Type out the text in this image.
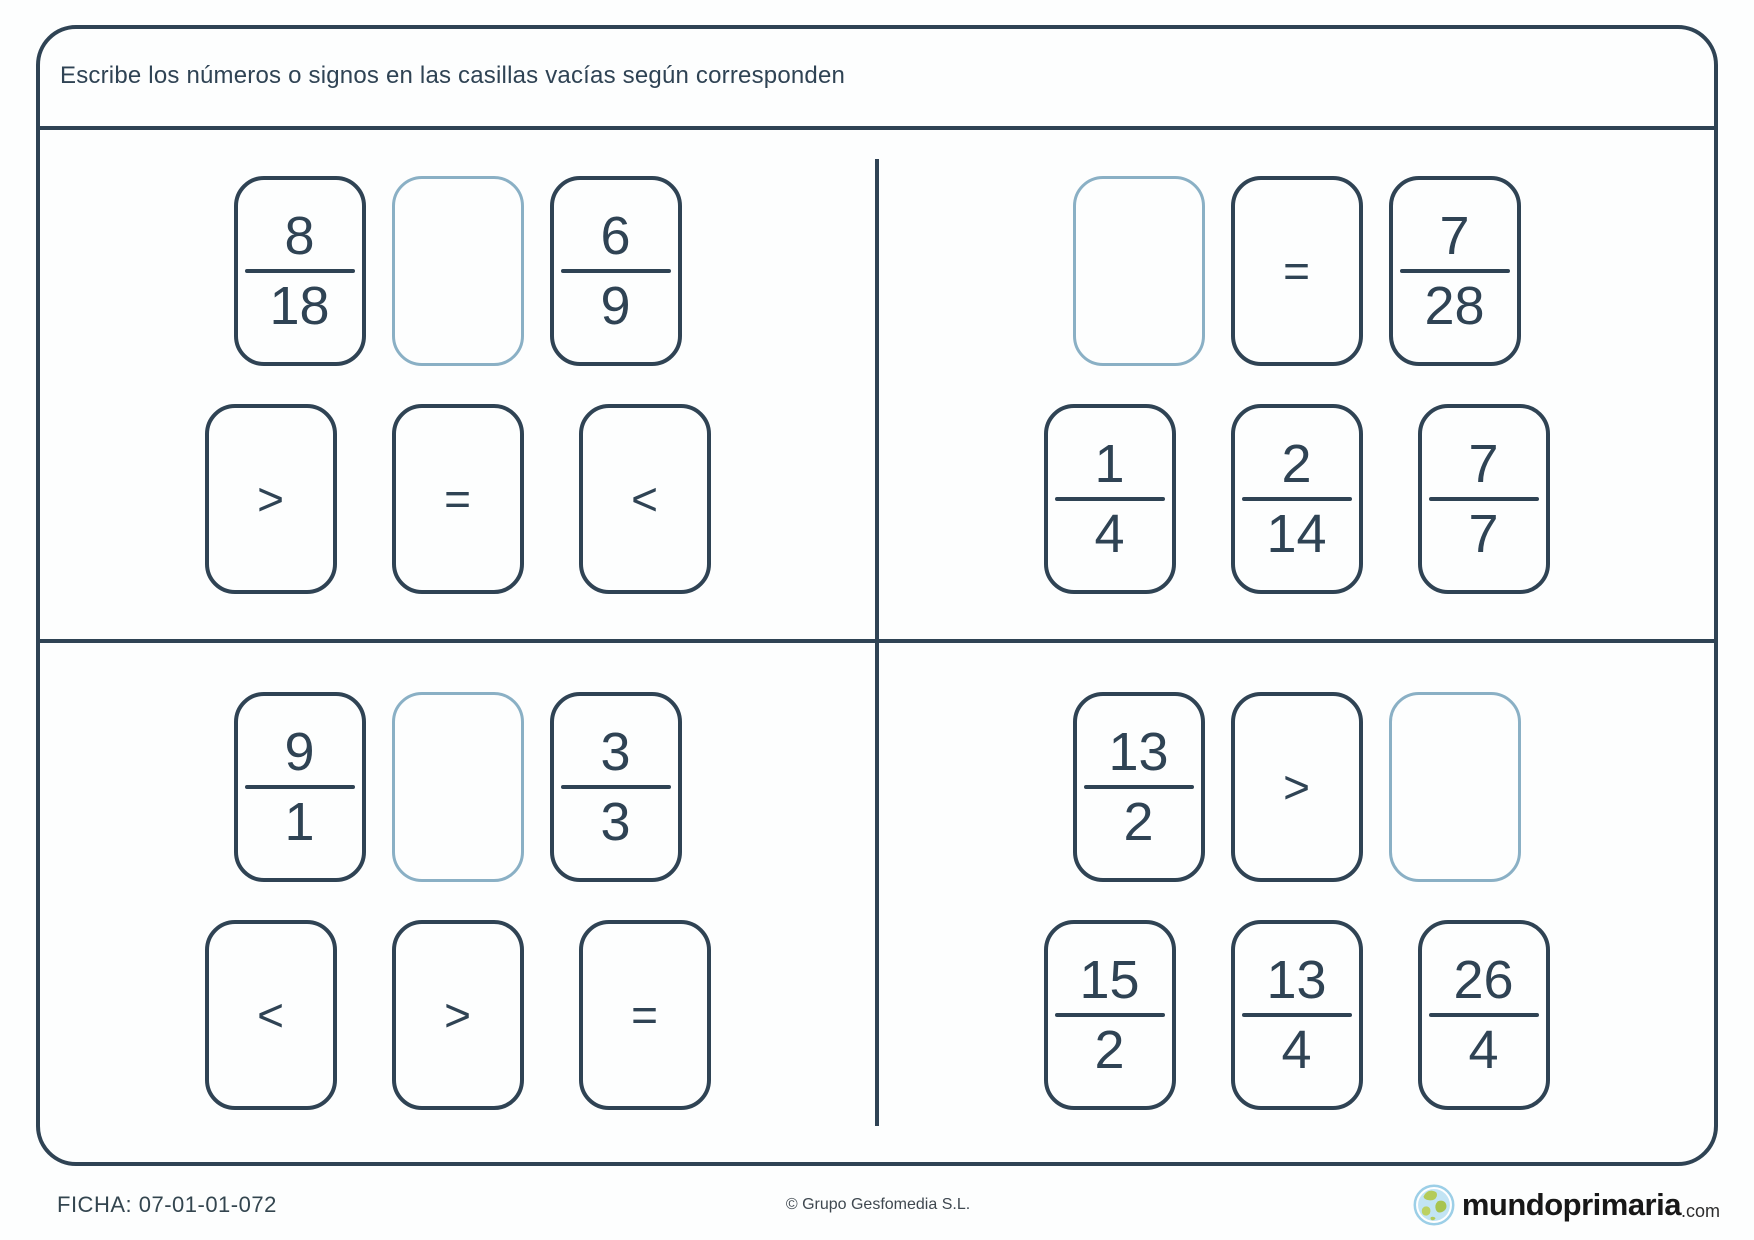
Escribe los números o signos en las casillas vacías según corresponden
$\frac{8}{18}$	$\frac{6}{9}$
>	=	<
= $\frac{7}{28}$
$\frac{1}{4} \frac{2}{14} \frac{7}{7}$
$\frac{9}{1}$	$\frac{3}{3}$
<	>	=
$\frac{13}{2}$ >
$\frac{15}{2} \frac{13}{4} \frac{26}{4}$
FICHA: 07-01-01-072	© Grupo Gesfomedia S.L.	mundoprimaria .com
